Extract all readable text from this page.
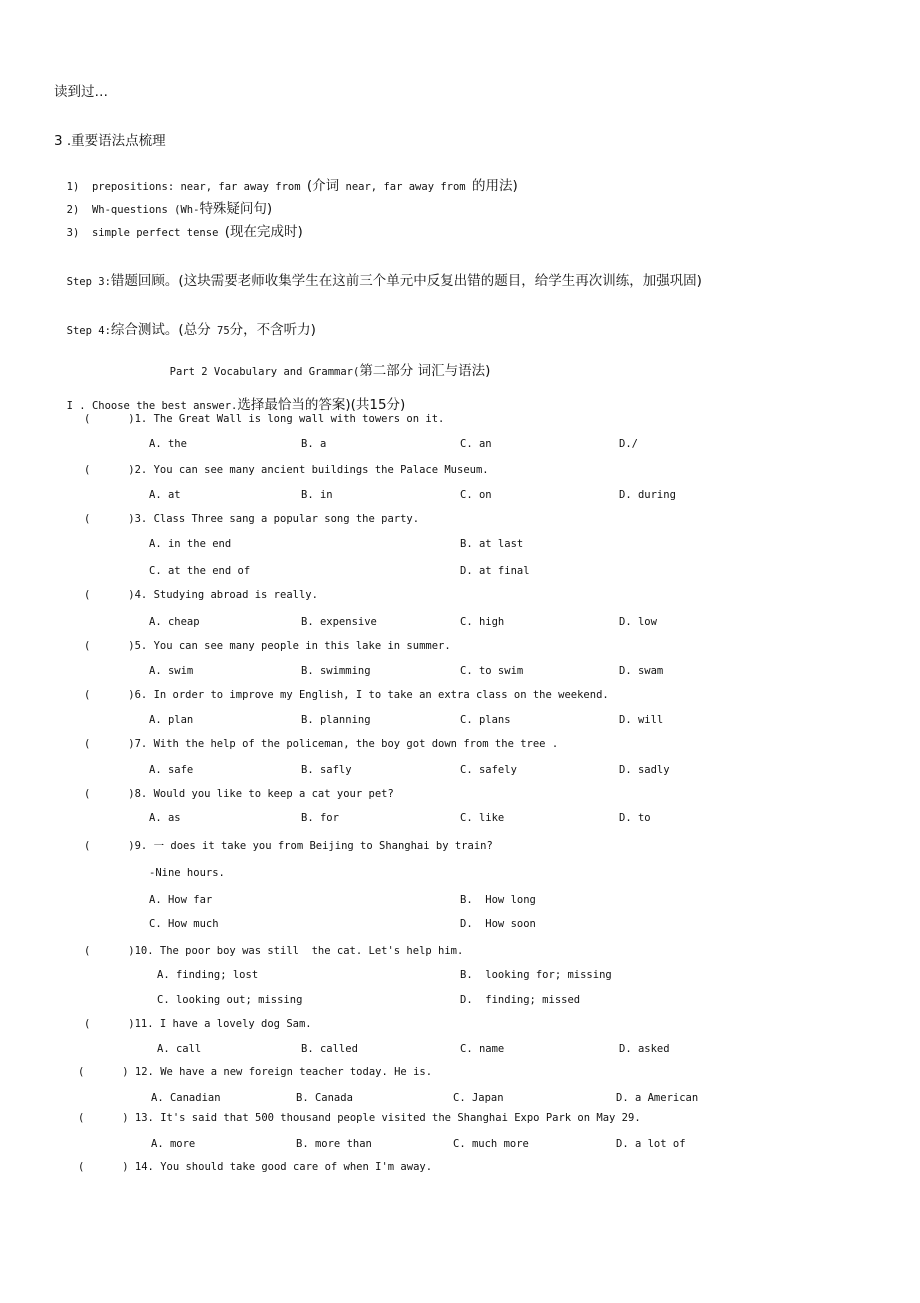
读到过…
3 .重要语法点梳理

1) prepositions: near, far away from (介词 near, far away from 的用法)

2) Wh-questions (Wh-特殊疑问句)

3) simple perfect tense (现在完成时)

Step 3:错题回顾。(这块需要老师收集学生在这前三个单元中反复出错的题目，给学生再次训练，加强巩固)

Step 4:综合测试。(总分 75分，不含听力)

Part 2 Vocabulary and Grammar(第二部分 词汇与语法)

I . Choose the best answer.选择最恰当的答案)(共15分)

(	)1. The Great Wall is long wall with towers on it.
A. the	B. a	C. an	D./
(	)2. You can see many ancient buildings the Palace Museum.
A. at	B. in	C. on	D. during
(	)3. Class Three sang a popular song the party.
A. in the end	B. at last
C. at the end of	D. at final
(	)4. Studying abroad is really.
A. cheap	B. expensive	C. high	D. low
(	)5. You can see many people in this lake in summer.
A. swim	B. swimming	C. to swim	D. swam
(	)6. In order to improve my English, I to take an extra class on the weekend.
A. plan	B. planning	C. plans	D. will
(	)7. With the help of the policeman, the boy got down from the tree .
A. safe	B. safly	C. safely	D. sadly
(	)8. Would you like to keep a cat your pet?
A. as	B. for	C. like	D. to
(	)9. 一 does it take you from Beijing to Shanghai by train?
-Nine hours.
A. How far	B.  How long
C. How much	D.  How soon
(	)10. The poor boy was still  the cat. Let's help him.
A. finding; lost	B.  looking for; missing
C. looking out; missing	D.  finding; missed
(	)11. I have a lovely dog Sam.
A. call	B. called	C. name	D. asked
(	) 12. We have a new foreign teacher today. He is.
A. Canadian	B. Canada	C. Japan	D. a American
(	) 13. It's said that 500 thousand people visited the Shanghai Expo Park on May 29.
A. more	B. more than	C. much more	D. a lot of
(	) 14. You should take good care of when I'm away.
